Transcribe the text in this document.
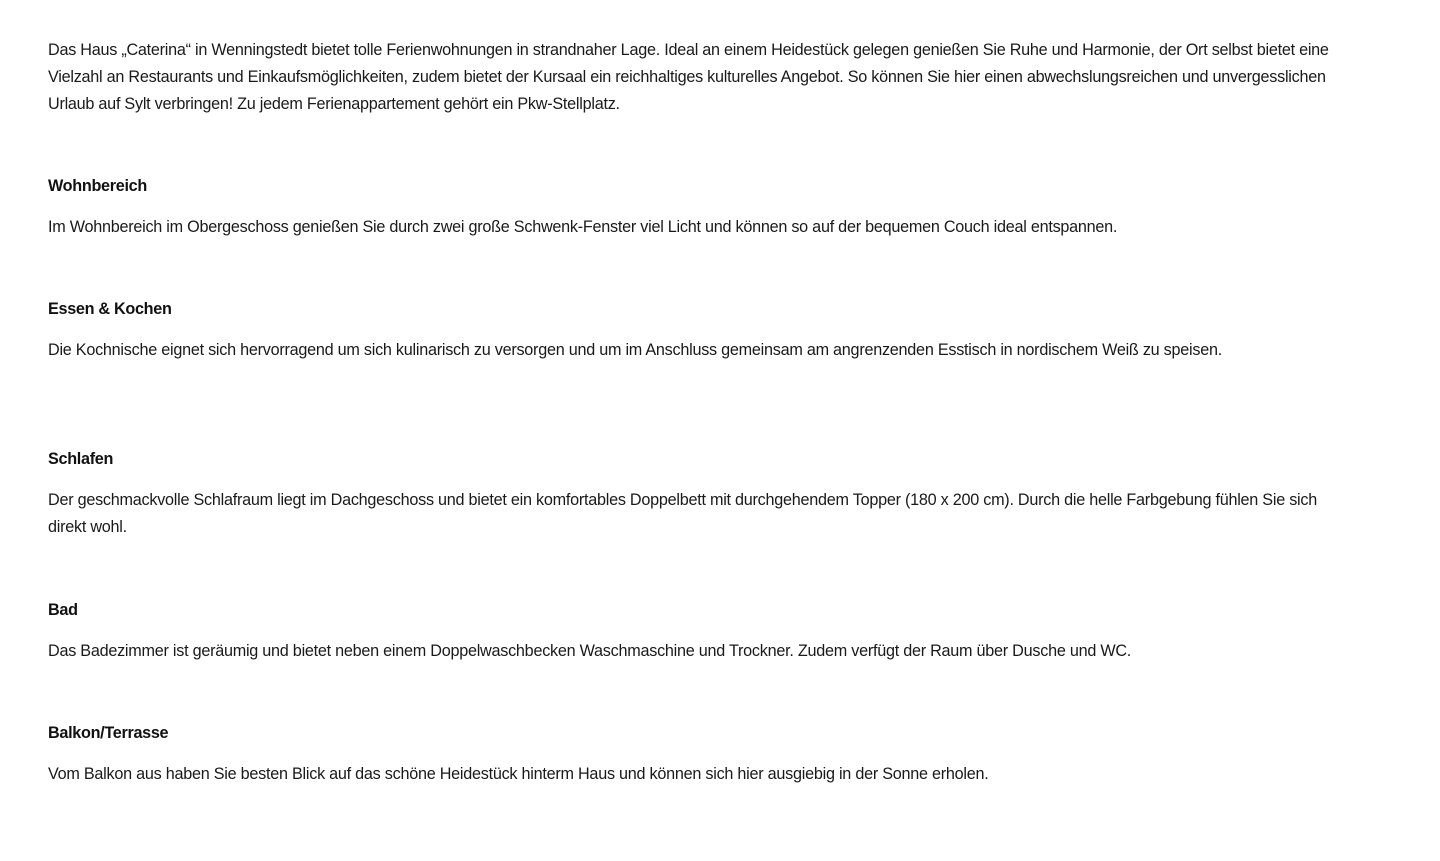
Das Haus „Caterina“ in Wenningstedt bietet tolle Ferienwohnungen in strandnaher Lage. Ideal an einem Heidestück gelegen genießen Sie Ruhe und Harmonie, der Ort selbst bietet eine Vielzahl an Restaurants und Einkaufsmöglichkeiten, zudem bietet der Kursaal ein reichhaltiges kulturelles Angebot. So können Sie hier einen abwechslungsreichen und unvergesslichen Urlaub auf Sylt verbringen! Zu jedem Ferienappartement gehört ein Pkw-Stellplatz.

Wohnbereich

Im Wohnbereich im Obergeschoss genießen Sie durch zwei große Schwenk-Fenster viel Licht und können so auf der bequemen Couch ideal entspannen.

Essen & Kochen

Die Kochnische eignet sich hervorragend um sich kulinarisch zu versorgen und um im Anschluss gemeinsam am angrenzenden Esstisch in nordischem Weiß zu speisen.

Schlafen

Der geschmackvolle Schlafraum liegt im Dachgeschoss und bietet ein komfortables Doppelbett mit durchgehendem Topper (180 x 200 cm). Durch die helle Farbgebung fühlen Sie sich direkt wohl.

Bad

Das Badezimmer ist geräumig und bietet neben einem Doppelwaschbecken Waschmaschine und Trockner. Zudem verfügt der Raum über Dusche und WC.

Balkon/Terrasse

Vom Balkon aus haben Sie besten Blick auf das schöne Heidestück hinterm Haus und können sich hier ausgiebig in der Sonne erholen.
